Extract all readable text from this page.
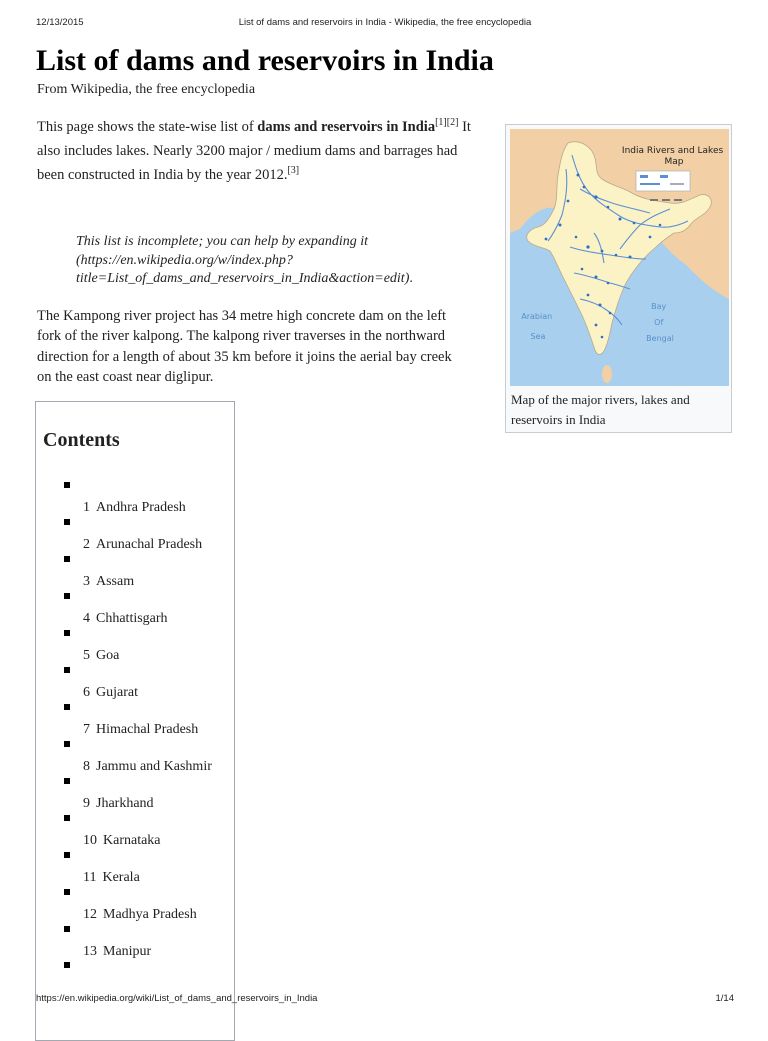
12/13/2015	List of dams and reservoirs in India - Wikipedia, the free encyclopedia
List of dams and reservoirs in India

From Wikipedia, the free encyclopedia

This page shows the state-wise list of dams and reservoirs in India[1][2] It also includes lakes. Nearly 3200 major / medium dams and barrages had been constructed in India by the year 2012.[3]

This list is incomplete; you can help by expanding it (https://en.wikipedia.org/w/index.php?title=List_of_dams_and_reservoirs_in_India&action=edit).

The Kampong river project has 34 metre high concrete dam on the left fork of the river kalpong. The kalpong river traverses in the northward direction for a length of about 35 km before it joins the aerial bay creek on the east coast near diglipur.

India Rivers and Lakes Map
Arabian Sea
Bay Of Bengal
Map of the major rivers, lakes and reservoirs in India
Contents
1 Andhra Pradesh
2 Arunachal Pradesh
3 Assam
4 Chhattisgarh
5 Goa
6 Gujarat
7 Himachal Pradesh
8 Jammu and Kashmir
9 Jharkhand
10 Karnataka
11 Kerala
12 Madhya Pradesh
13 Manipur
https://en.wikipedia.org/wiki/List_of_dams_and_reservoirs_in_India	1/14
